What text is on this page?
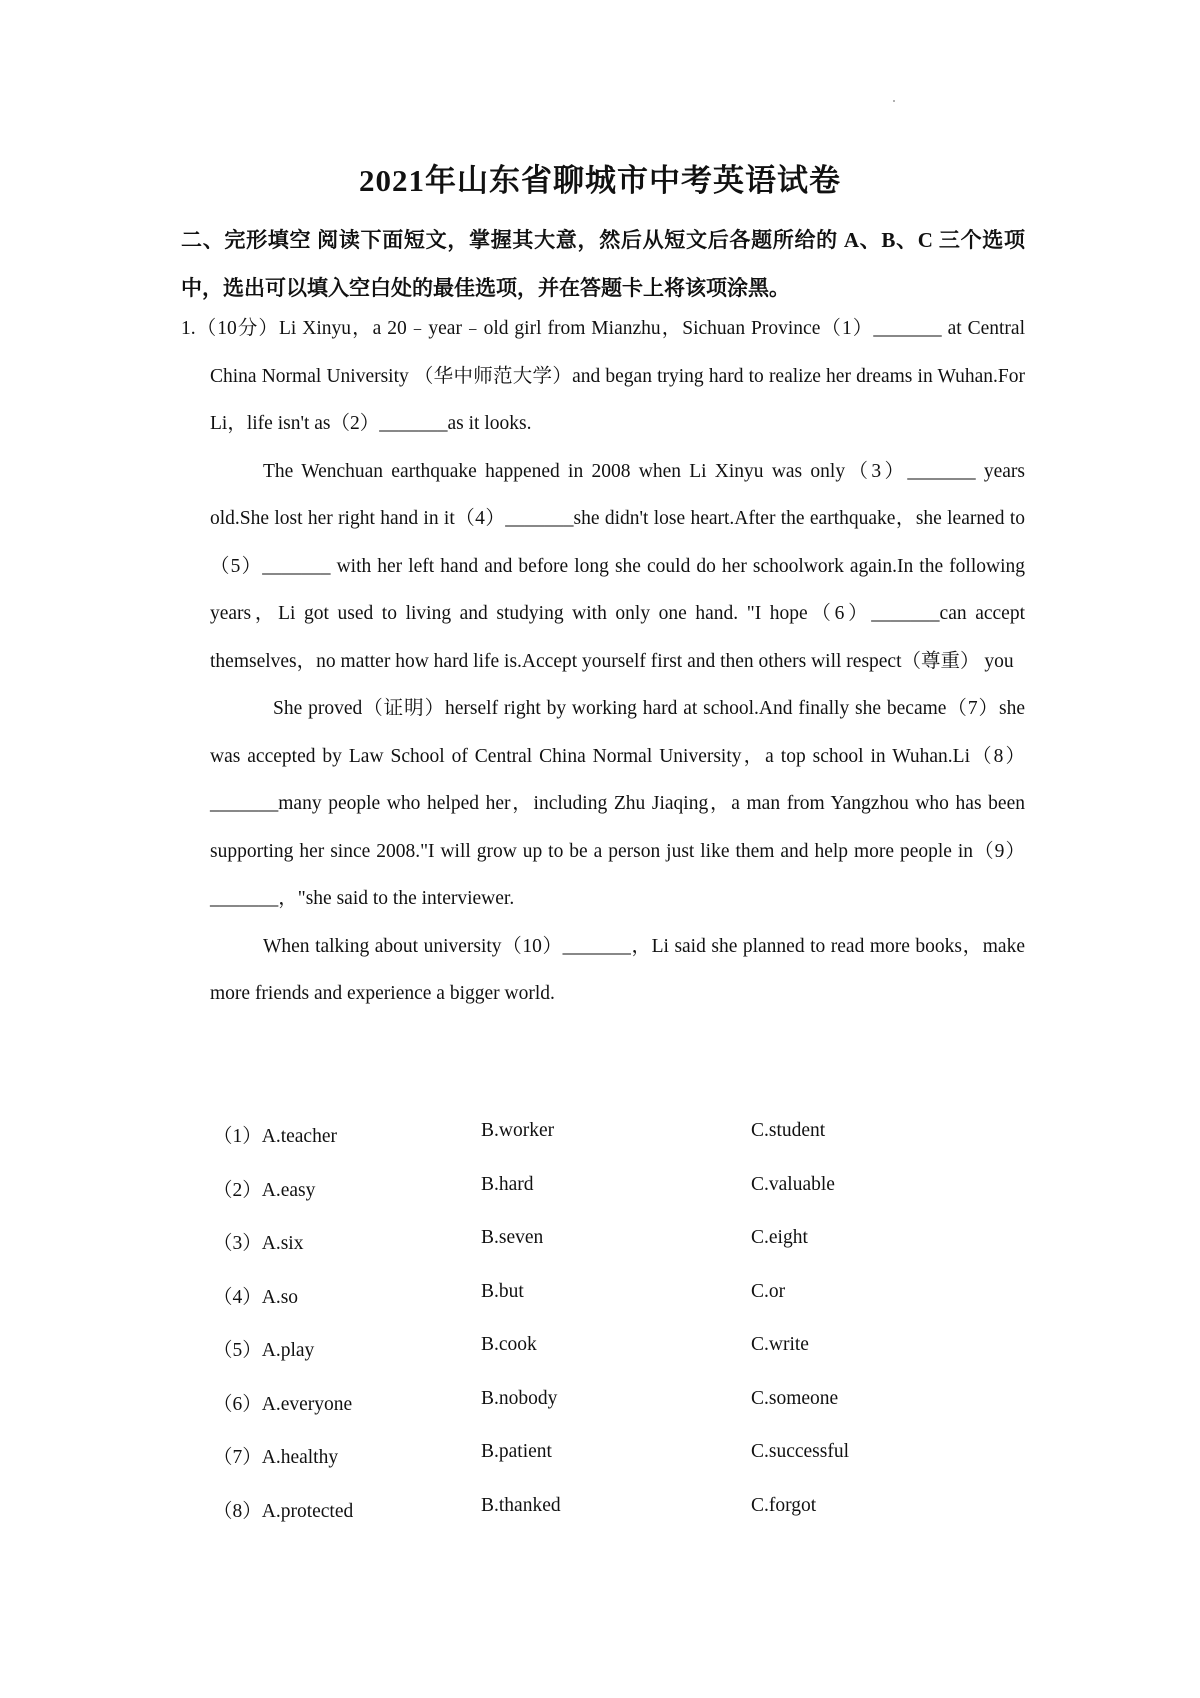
2021年山东省聊城市中考英语试卷

二、完形填空 阅读下面短文，掌握其大意，然后从短文后各题所给的 A、B、C 三个选项中，选出可以填入空白处的最佳选项，并在答题卡上将该项涂黑。

1.（10分）Li Xinyu，a 20﹣year﹣old girl from Mianzhu，Sichuan Province（1）_______ at Central China Normal University （华中师范大学）and began trying hard to realize her dreams in Wuhan.For Li，life isn't as（2）_______as it looks.

The Wenchuan earthquake happened in 2008 when Li Xinyu was only（3）_______ years old.She lost her right hand in it（4）_______she didn't lose heart.After the earthquake，she learned to（5）_______ with her left hand and before long she could do her schoolwork again.In the following years，Li got used to living and studying with only one hand. "I hope（6）_______can accept themselves，no matter how hard life is.Accept yourself first and then others will respect（尊重） you

She proved（证明）herself right by working hard at school.And finally she became（7）she was accepted by Law School of Central China Normal University，a top school in Wuhan.Li（8）_______many people who helped her，including Zhu Jiaqing，a man from Yangzhou who has been supporting her since 2008."I will grow up to be a person just like them and help more people in（9）_______，"she said to the interviewer.

When talking about university（10）_______，Li said she planned to read more books，make more friends and experience a bigger world.

（1）A.teacher	B.worker	C.student
（2）A.easy	B.hard	C.valuable
（3）A.six	B.seven	C.eight
（4）A.so	B.but	C.or
（5）A.play	B.cook	C.write
（6）A.everyone	B.nobody	C.someone
（7）A.healthy	B.patient	C.successful
（8）A.protected	B.thanked	C.forgot
